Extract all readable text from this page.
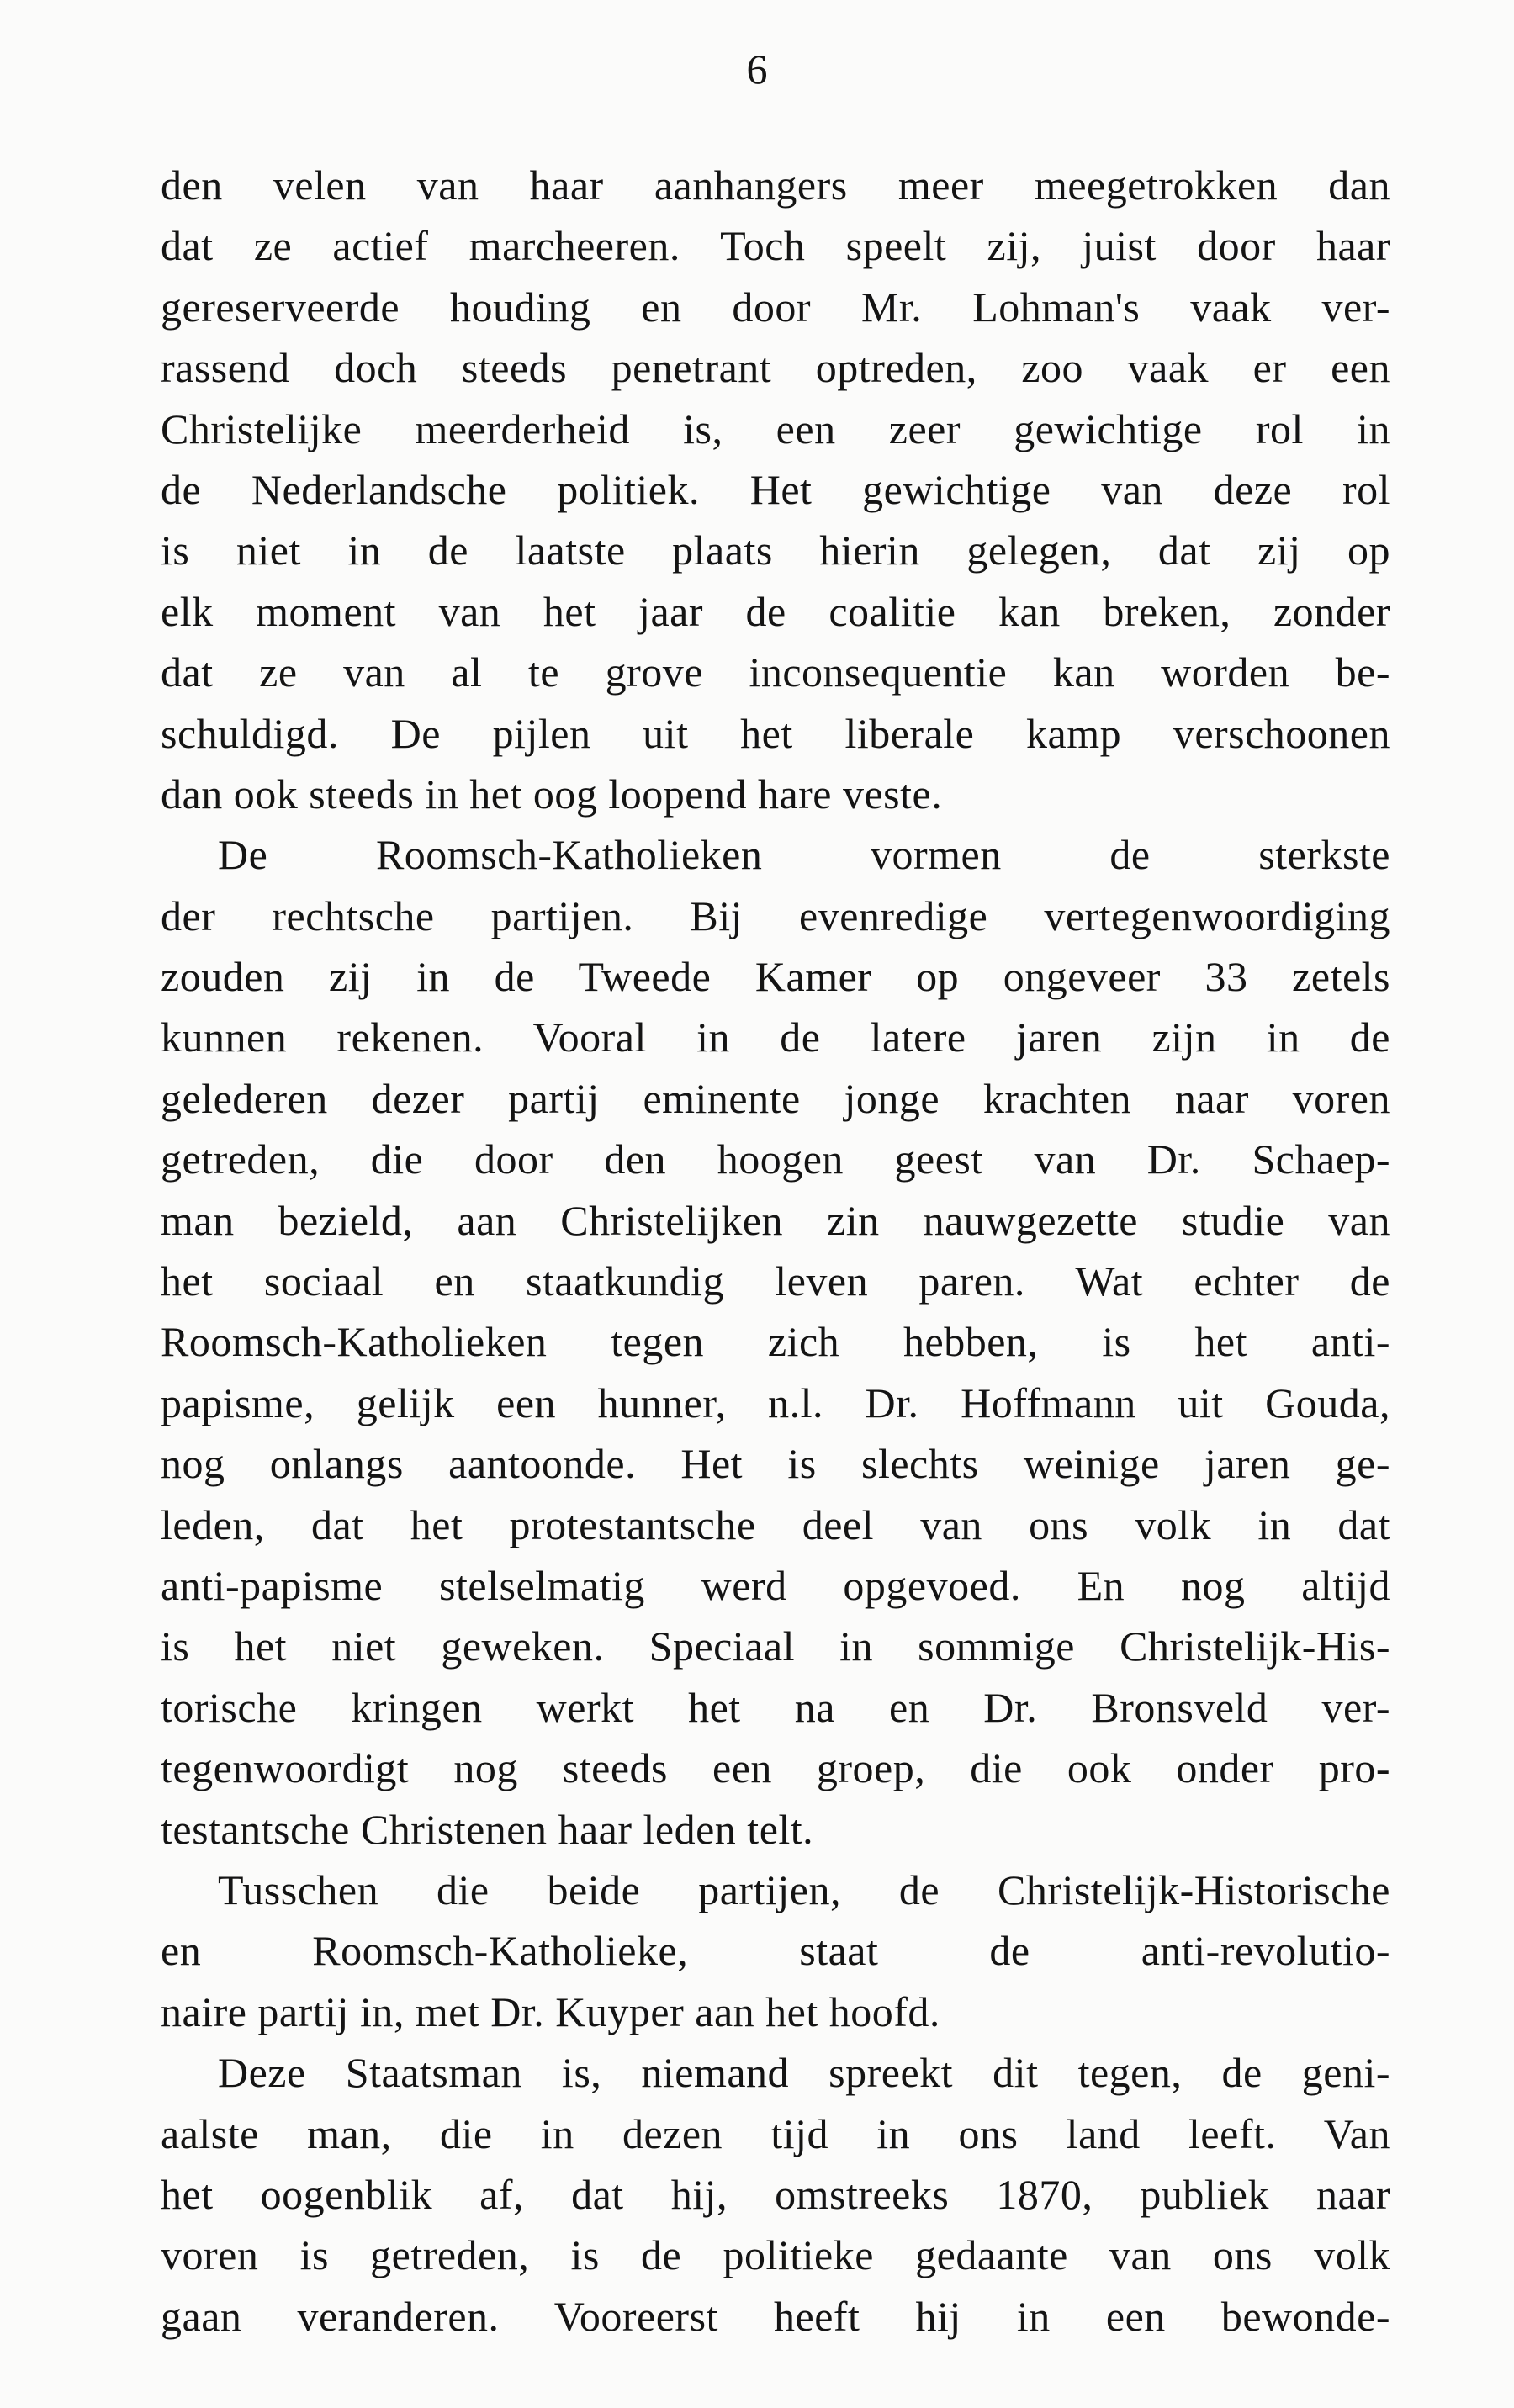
6
den velen van haar aanhangers meer meegetrokken dan
dat ze actief marcheeren. Toch speelt zij, juist door haar
gereserveerde houding en door Mr. Lohman's vaak ver-
rassend doch steeds penetrant optreden, zoo vaak er een
Christelijke meerderheid is, een zeer gewichtige rol in
de Nederlandsche politiek. Het gewichtige van deze rol
is niet in de laatste plaats hierin gelegen, dat zij op
elk moment van het jaar de coalitie kan breken, zonder
dat ze van al te grove inconsequentie kan worden be-
schuldigd. De pijlen uit het liberale kamp verschoonen
dan ook steeds in het oog loopend hare veste.
De Roomsch-Katholieken vormen de sterkste
der rechtsche partijen. Bij evenredige vertegenwoordiging
zouden zij in de Tweede Kamer op ongeveer 33 zetels
kunnen rekenen. Vooral in de latere jaren zijn in de
gelederen dezer partij eminente jonge krachten naar voren
getreden, die door den hoogen geest van Dr. Schaep-
man bezield, aan Christelijken zin nauwgezette studie van
het sociaal en staatkundig leven paren. Wat echter de
Roomsch-Katholieken tegen zich hebben, is het anti-
papisme, gelijk een hunner, n.l. Dr. Hoffmann uit Gouda,
nog onlangs aantoonde. Het is slechts weinige jaren ge-
leden, dat het protestantsche deel van ons volk in dat
anti-papisme stelselmatig werd opgevoed. En nog altijd
is het niet geweken. Speciaal in sommige Christelijk-His-
torische kringen werkt het na en Dr. Bronsveld ver-
tegenwoordigt nog steeds een groep, die ook onder pro-
testantsche Christenen haar leden telt.
Tusschen die beide partijen, de Christelijk-Historische
en Roomsch-Katholieke, staat de anti-revolutio-
naire partij in, met Dr. Kuyper aan het hoofd.
Deze Staatsman is, niemand spreekt dit tegen, de geni-
aalste man, die in dezen tijd in ons land leeft. Van
het oogenblik af, dat hij, omstreeks 1870, publiek naar
voren is getreden, is de politieke gedaante van ons volk
gaan veranderen. Vooreerst heeft hij in een bewonde-
